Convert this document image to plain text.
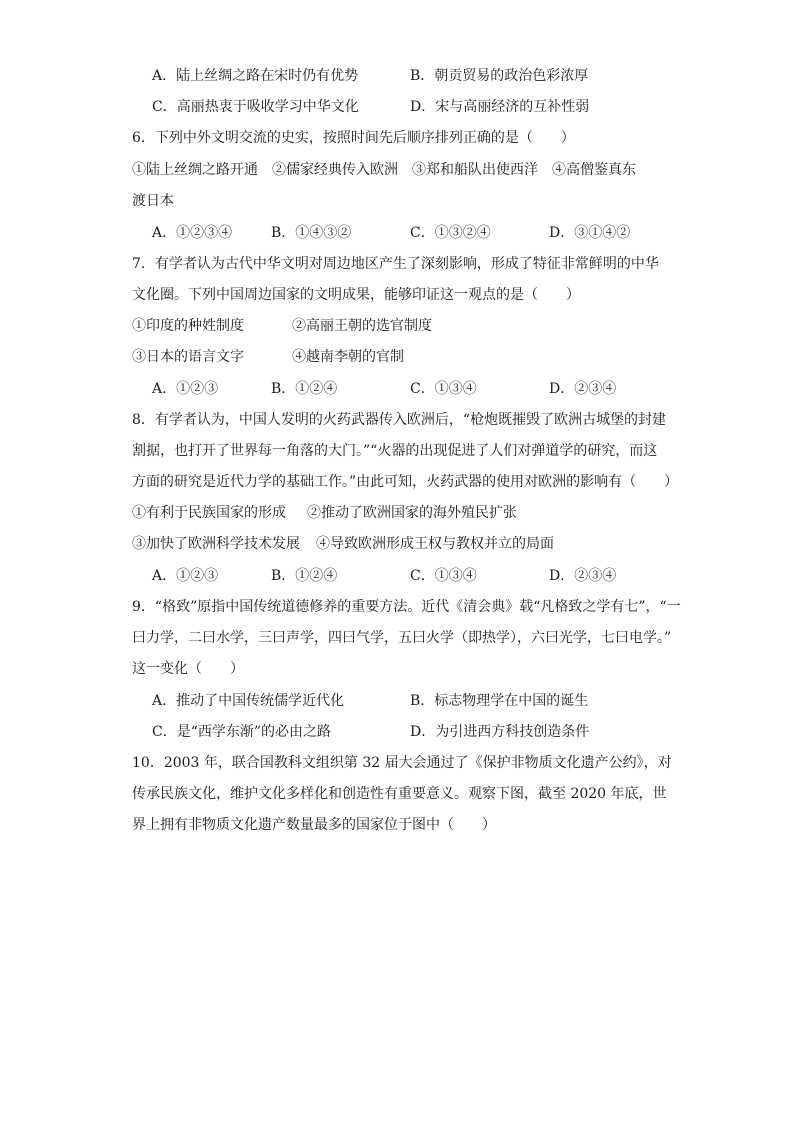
A．陆上丝绸之路在宋时仍有优势	B．朝贡贸易的政治色彩浓厚
C．高丽热衷于吸收学习中华文化	D．宋与高丽经济的互补性弱
6．下列中外文明交流的史实，按照时间先后顺序排列正确的是（　　）
①陆上丝绸之路开通　②儒家经典传入欧洲　③郑和船队出使西洋　④高僧鉴真东
渡日本
A．①②③④	B．①④③②	C．①③②④	D．③①④②
7．有学者认为古代中华文明对周边地区产生了深刻影响，形成了特征非常鲜明的中华
文化圈。下列中国周边国家的文明成果，能够印证这一观点的是（　　）
①印度的种姓制度	②高丽王朝的选官制度
③日本的语言文字	④越南李朝的官制
A．①②③	B．①②④	C．①③④	D．②③④
8．有学者认为，中国人发明的火药武器传入欧洲后，“枪炮既摧毁了欧洲古城堡的封建
割据，也打开了世界每一角落的大门。”“火器的出现促进了人们对弹道学的研究，而这
方面的研究是近代力学的基础工作。”由此可知，火药武器的使用对欧洲的影响有（　　）
①有利于民族国家的形成 ②推动了欧洲国家的海外殖民扩张
③加快了欧洲科学技术发展 ④导致欧洲形成王权与教权并立的局面
A．①②③	B．①②④	C．①③④	D．②③④
9．“格致”原指中国传统道德修养的重要方法。近代《清会典》载“凡格致之学有七”，“一
曰力学，二曰水学，三曰声学，四曰气学，五曰火学（即热学），六曰光学，七曰电学。”
这一变化（　　）
A．推动了中国传统儒学近代化	B．标志物理学在中国的诞生
C．是“西学东渐”的必由之路	D．为引进西方科技创造条件
10．2003 年，联合国教科文组织第 32 届大会通过了《保护非物质文化遗产公约》，对
传承民族文化，维护文化多样化和创造性有重要意义。观察下图，截至 2020 年底，世
界上拥有非物质文化遗产数量最多的国家位于图中（　　）
